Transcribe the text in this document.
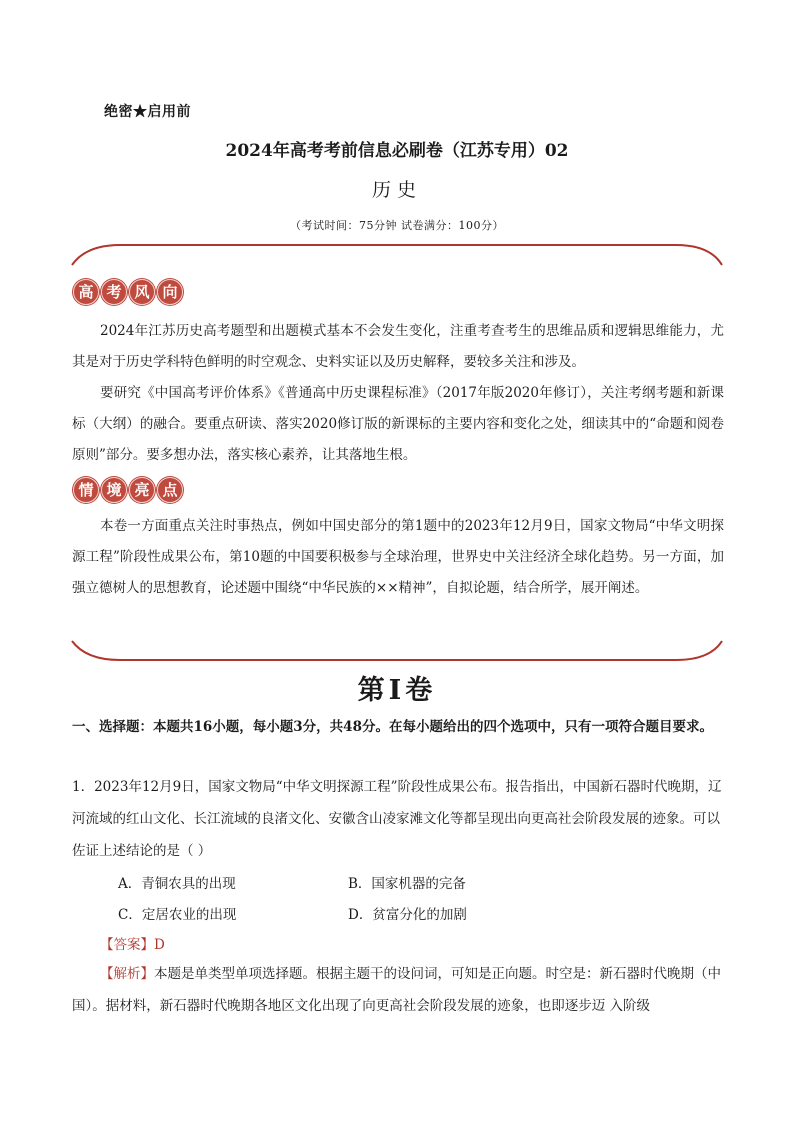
绝密★启用前
2024年高考考前信息必刷卷（江苏专用）02
历史
（考试时间：75分钟 试卷满分：100分）
高 考 风 向
2024年江苏历史高考题型和出题模式基本不会发生变化，注重考查考生的思维品质和逻辑思维能力，尤其是对于历史学科特色鲜明的时空观念、史料实证以及历史解释，要较多关注和涉及。
要研究《中国高考评价体系》《普通高中历史课程标准》（2017年版2020年修订），关注考纲考题和新课标（大纲）的融合。要重点研读、落实2020修订版的新课标的主要内容和变化之处，细读其中的“命题和阅卷原则”部分。要多想办法，落实核心素养，让其落地生根。
情 境 亮 点
本卷一方面重点关注时事热点，例如中国史部分的第1题中的2023年12月9日，国家文物局“中华文明探源工程”阶段性成果公布，第10题的中国要积极参与全球治理，世界史中关注经济全球化趋势。另一方面，加强立德树人的思想教育，论述题中围绕“中华民族的××精神”，自拟论题，结合所学，展开阐述。
第I卷
一、选择题：本题共16小题，每小题3分，共48分。在每小题给出的四个选项中，只有一项符合题目要求。
1．2023年12月9日，国家文物局“中华文明探源工程”阶段性成果公布。报告指出，中国新石器时代晚期，辽河流域的红山文化、长江流域的良渚文化、安徽含山凌家滩文化等都呈现出向更高社会阶段发展的迹象。可以佐证上述结论的是（ ）
A．青铜农具的出现	B．国家机器的完备
C．定居农业的出现	D．贫富分化的加剧
【答案】D
【解析】本题是单类型单项选择题。根据主题干的设问词，可知是正向题。时空是：新石器时代晚期（中国）。据材料，新石器时代晚期各地区文化出现了向更高社会阶段发展的迹象，也即逐步迈 入阶级
